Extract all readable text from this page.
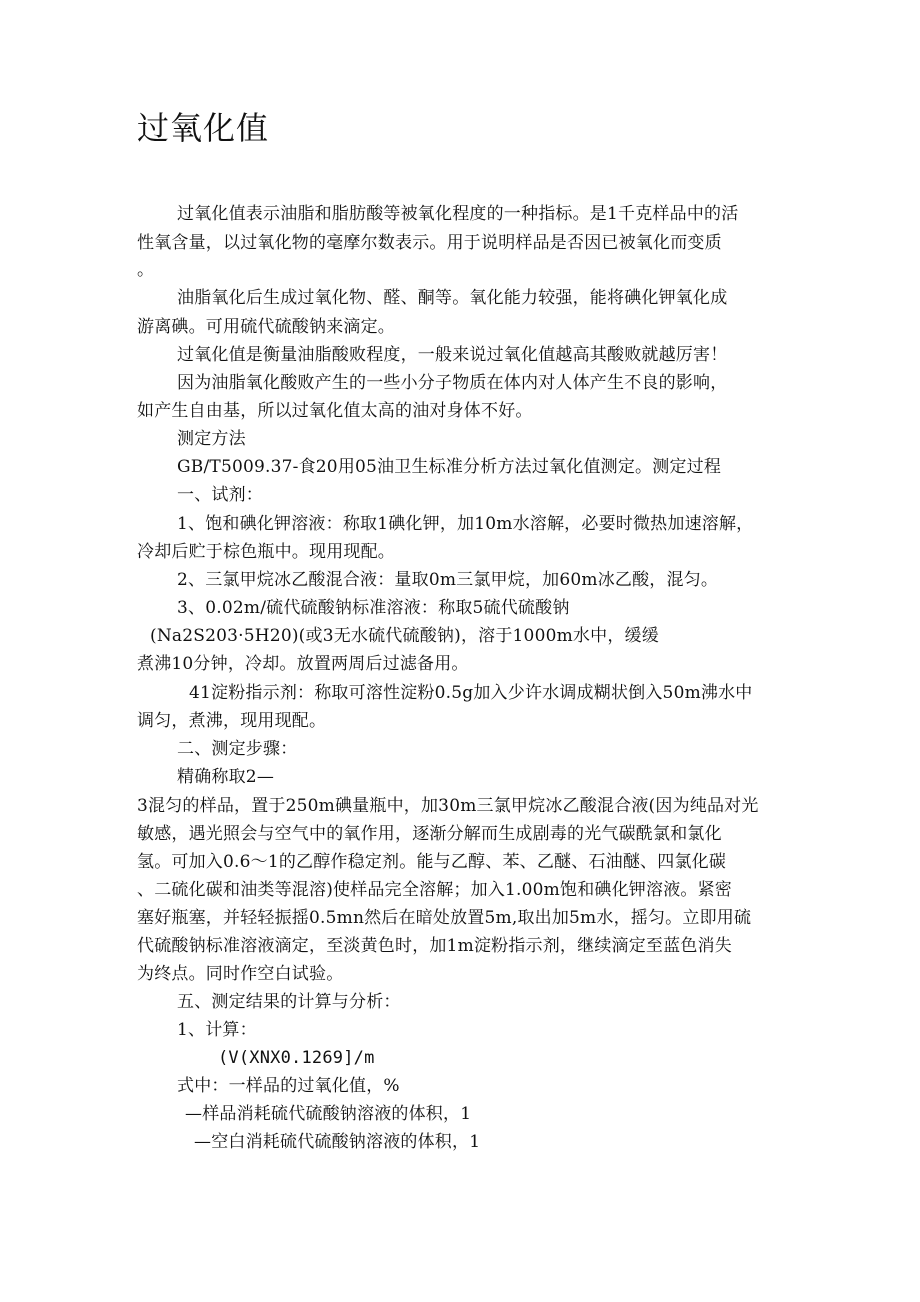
过氧化值

过氧化值表示油脂和脂肪酸等被氧化程度的一种指标。是1千克样品中的活

性氧含量，以过氧化物的毫摩尔数表示。用于说明样品是否因已被氧化而变质

。

油脂氧化后生成过氧化物、醛、酮等。氧化能力较强，能将碘化钾氧化成

游离碘。可用硫代硫酸钠来滴定。

过氧化值是衡量油脂酸败程度，一般来说过氧化值越高其酸败就越厉害！

因为油脂氧化酸败产生的一些小分子物质在体内对人体产生不良的影响，

如产生自由基，所以过氧化值太高的油对身体不好。

测定方法

GB/T5009.37-食20用05油卫生标准分析方法过氧化值测定。测定过程

一、试剂：

1、饱和碘化钾溶液：称取1碘化钾，加10m水溶解，必要时微热加速溶解，

冷却后贮于棕色瓶中。现用现配。

2、三氯甲烷冰乙酸混合液：量取0m三氯甲烷，加60m冰乙酸，混匀。

3、0.02m/硫代硫酸钠标准溶液：称取5硫代硫酸钠

(Na2S203·5H20)(或3无水硫代硫酸钠)，溶于1000m水中，缓缓

煮沸10分钟，冷却。放置两周后过滤备用。

41淀粉指示剂：称取可溶性淀粉0.5g加入少许水调成糊状倒入50m沸水中

调匀，煮沸，现用现配。

二、测定步骤：

精确称取2—

3混匀的样品，置于250m碘量瓶中，加30m三氯甲烷冰乙酸混合液(因为纯品对光

敏感，遇光照会与空气中的氧作用，逐渐分解而生成剧毒的光气碳酰氯和氯化

氢。可加入0.6～1的乙醇作稳定剂。能与乙醇、苯、乙醚、石油醚、四氯化碳

、二硫化碳和油类等混溶)使样品完全溶解；加入1.00m饱和碘化钾溶液。紧密

塞好瓶塞，并轻轻振摇0.5mn然后在暗处放置5m,取出加5m水，摇匀。立即用硫

代硫酸钠标准溶液滴定，至淡黄色时，加1m淀粉指示剂，继续滴定至蓝色消失

为终点。同时作空白试验。

五、测定结果的计算与分析：

1、计算：

(V(XNX0.1269]/m

式中：一样品的过氧化值，%

—样品消耗硫代硫酸钠溶液的体积，1

—空白消耗硫代硫酸钠溶液的体积，1
